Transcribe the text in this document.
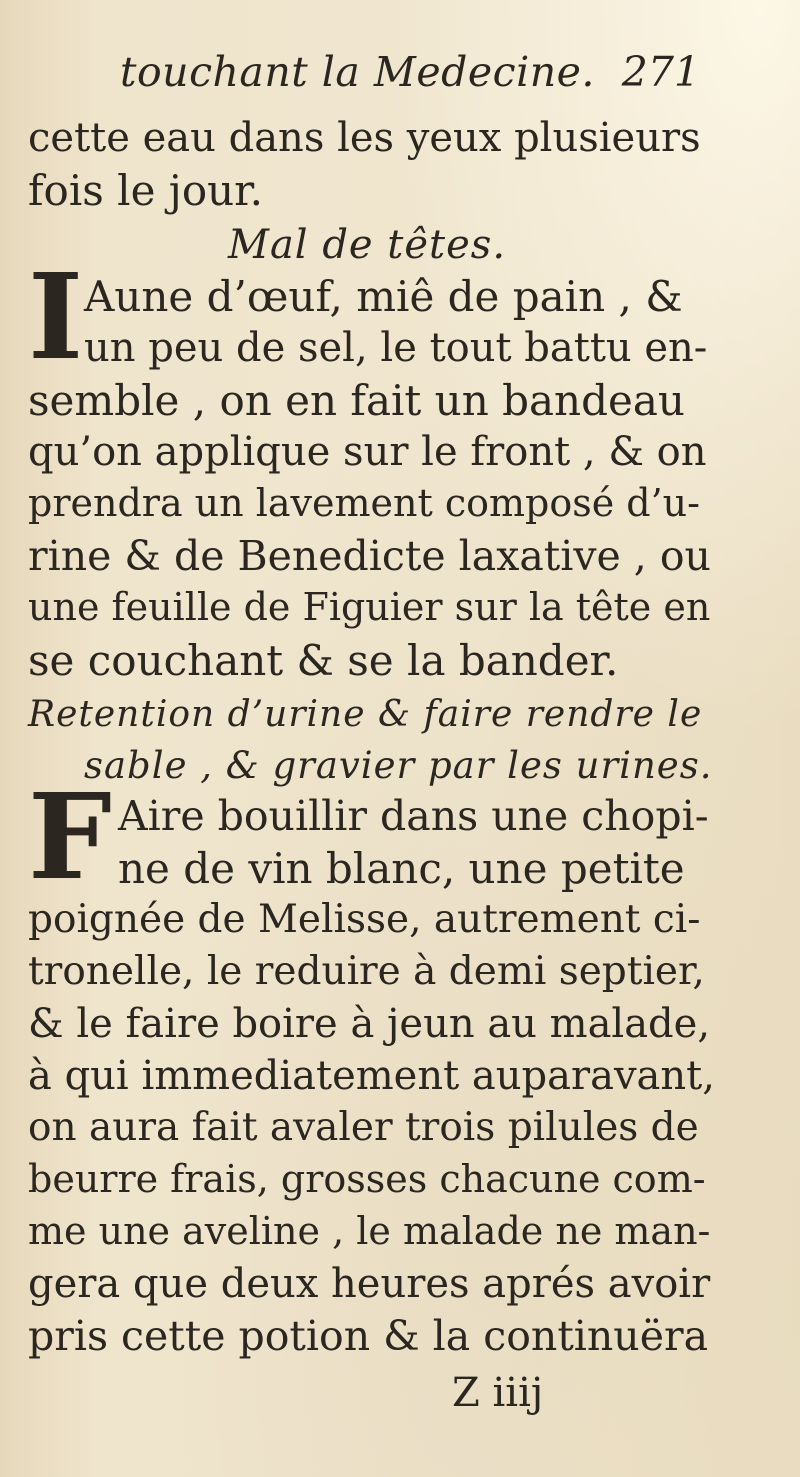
touchant la Medecine. 271
cette eau dans les yeux plusieurs
fois le jour.
Mal de têtes.
I Aune d’œuf, miê de pain , &
un peu de sel, le tout battu en-
semble , on en fait un bandeau
qu’on applique sur le front , & on
prendra un lavement composé d’u-
rine & de Benedicte laxative , ou
une feuille de Figuier sur la tête en
se couchant & se la bander.
Retention d’urine & faire rendre le
sable , & gravier par les urines.
F Aire bouillir dans une chopi-
ne de vin blanc, une petite
poignée de Melisse, autrement ci-
tronelle, le reduire à demi septier,
& le faire boire à jeun au malade,
à qui immediatement auparavant,
on aura fait avaler trois pilules de
beurre frais, grosses chacune com-
me une aveline , le malade ne man-
gera que deux heures aprés avoir
pris cette potion & la continuëra
Z iiij
